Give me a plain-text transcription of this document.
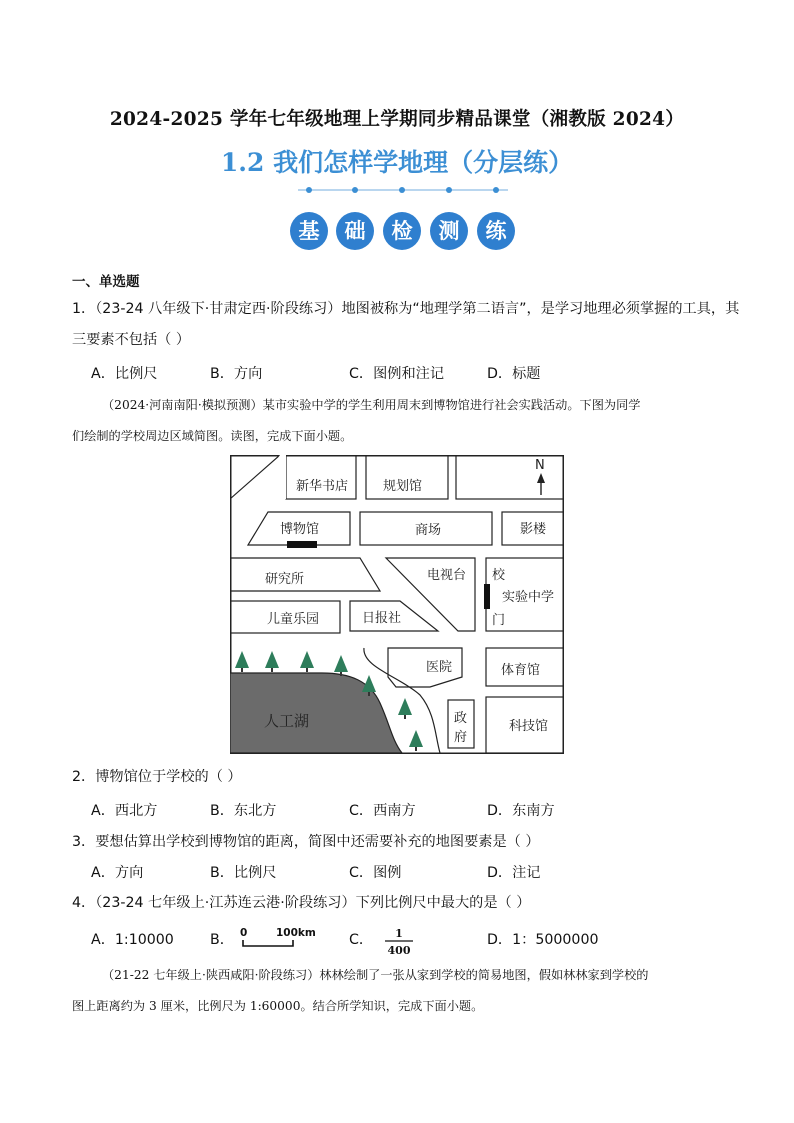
2024-2025 学年七年级地理上学期同步精品课堂（湘教版 2024）
1.2 我们怎样学地理（分层练）
基	础	检	测	练
一、单选题
1．（23-24 八年级下·甘肃定西·阶段练习）地图被称为“地理学第二语言”，是学习地理必须掌握的工具，其
三要素不包括（ ）
A．比例尺	B．方向	C．图例和注记	D．标题
（2024·河南南阳·模拟预测）某市实验中学的学生利用周末到博物馆进行社会实践活动。下图为同学
们绘制的学校周边区域简图。读图，完成下面小题。
N
新华书店	规划馆
博物馆	商场	影楼
电视台 校
实验中学
门
研究所
儿童乐园	日报社
医院	体育馆
人工湖	政
府
科技馆
2．博物馆位于学校的（ ）
A．西北方	B．东北方	C．西南方	D．东南方
3．要想估算出学校到博物馆的距离，简图中还需要补充的地图要素是（ ）
A．方向	B．比例尺	C．图例	D．注记
4．（23-24 七年级上·江苏连云港·阶段练习）下列比例尺中最大的是（ ）
A．1:10000	B． 0	100km C． 1
400
D．1：5000000
（21-22 七年级上·陕西咸阳·阶段练习）林林绘制了一张从家到学校的简易地图，假如林林家到学校的
图上距离约为 3 厘米，比例尺为 1:60000。结合所学知识，完成下面小题。
